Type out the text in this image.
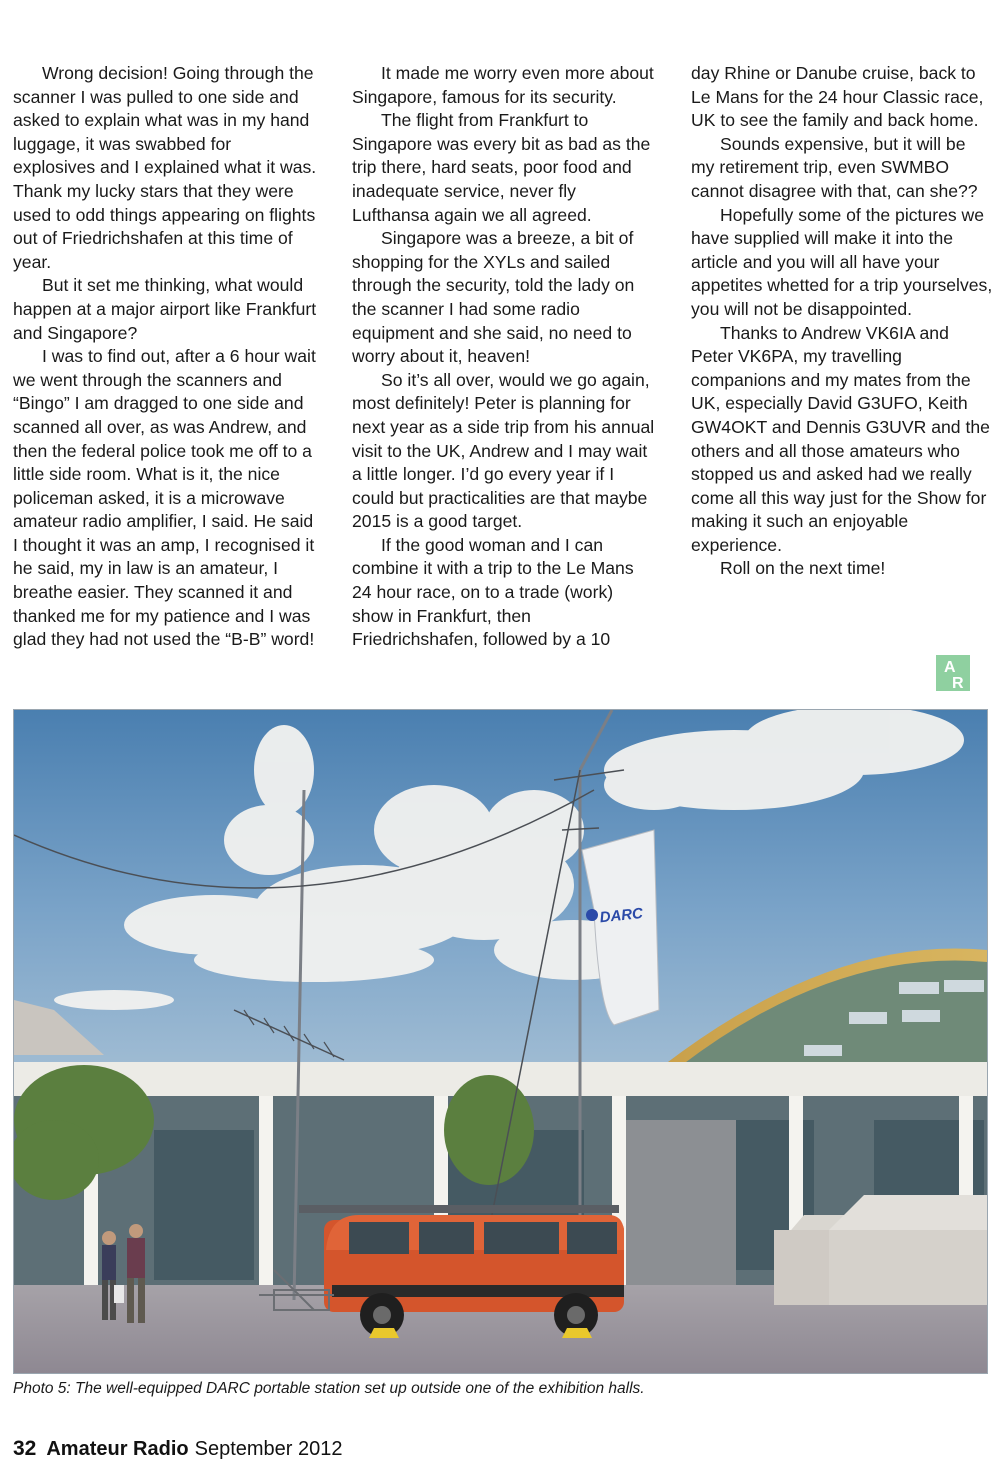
Wrong decision! Going through the scanner I was pulled to one side and asked to explain what was in my hand luggage, it was swabbed for explosives and I explained what it was. Thank my lucky stars that they were used to odd things appearing on flights out of Friedrichshafen at this time of year.

But it set me thinking, what would happen at a major airport like Frankfurt and Singapore?

I was to find out, after a 6 hour wait we went through the scanners and “Bingo” I am dragged to one side and scanned all over, as was Andrew, and then the federal police took me off to a little side room. What is it, the nice policeman asked, it is a microwave amateur radio amplifier, I said. He said I thought it was an amp, I recognised it he said, my in law is an amateur, I breathe easier. They scanned it and thanked me for my patience and I was glad they had not used the “B-B” word!

It made me worry even more about Singapore, famous for its security.

The flight from Frankfurt to Singapore was every bit as bad as the trip there, hard seats, poor food and inadequate service, never fly Lufthansa again we all agreed.

Singapore was a breeze, a bit of shopping for the XYLs and sailed through the security, told the lady on the scanner I had some radio equipment and she said, no need to worry about it, heaven!

So it’s all over, would we go again, most definitely! Peter is planning for next year as a side trip from his annual visit to the UK, Andrew and I may wait a little longer. I’d go every year if I could but practicalities are that maybe 2015 is a good target.

If the good woman and I can combine it with a trip to the Le Mans 24 hour race, on to a trade (work) show in Frankfurt, then Friedrichshafen, followed by a 10

day Rhine or Danube cruise, back to Le Mans for the 24 hour Classic race, UK to see the family and back home.

Sounds expensive, but it will be my retirement trip, even SWMBO cannot disagree with that, can she??

Hopefully some of the pictures we have supplied will make it into the article and you will all have your appetites whetted for a trip yourselves, you will not be disappointed.

Thanks to Andrew VK6IA and Peter VK6PA, my travelling companions and my mates from the UK, especially David G3UFO, Keith GW4OKT and Dennis G3UVR and the others and all those amateurs who stopped us and asked had we really come all this way just for the Show for making it such an enjoyable experience.

Roll on the next time!

A
R
DARC
Photo 5: The well-equipped DARC portable station set up outside one of the exhibition halls.
32 Amateur Radio September 2012
